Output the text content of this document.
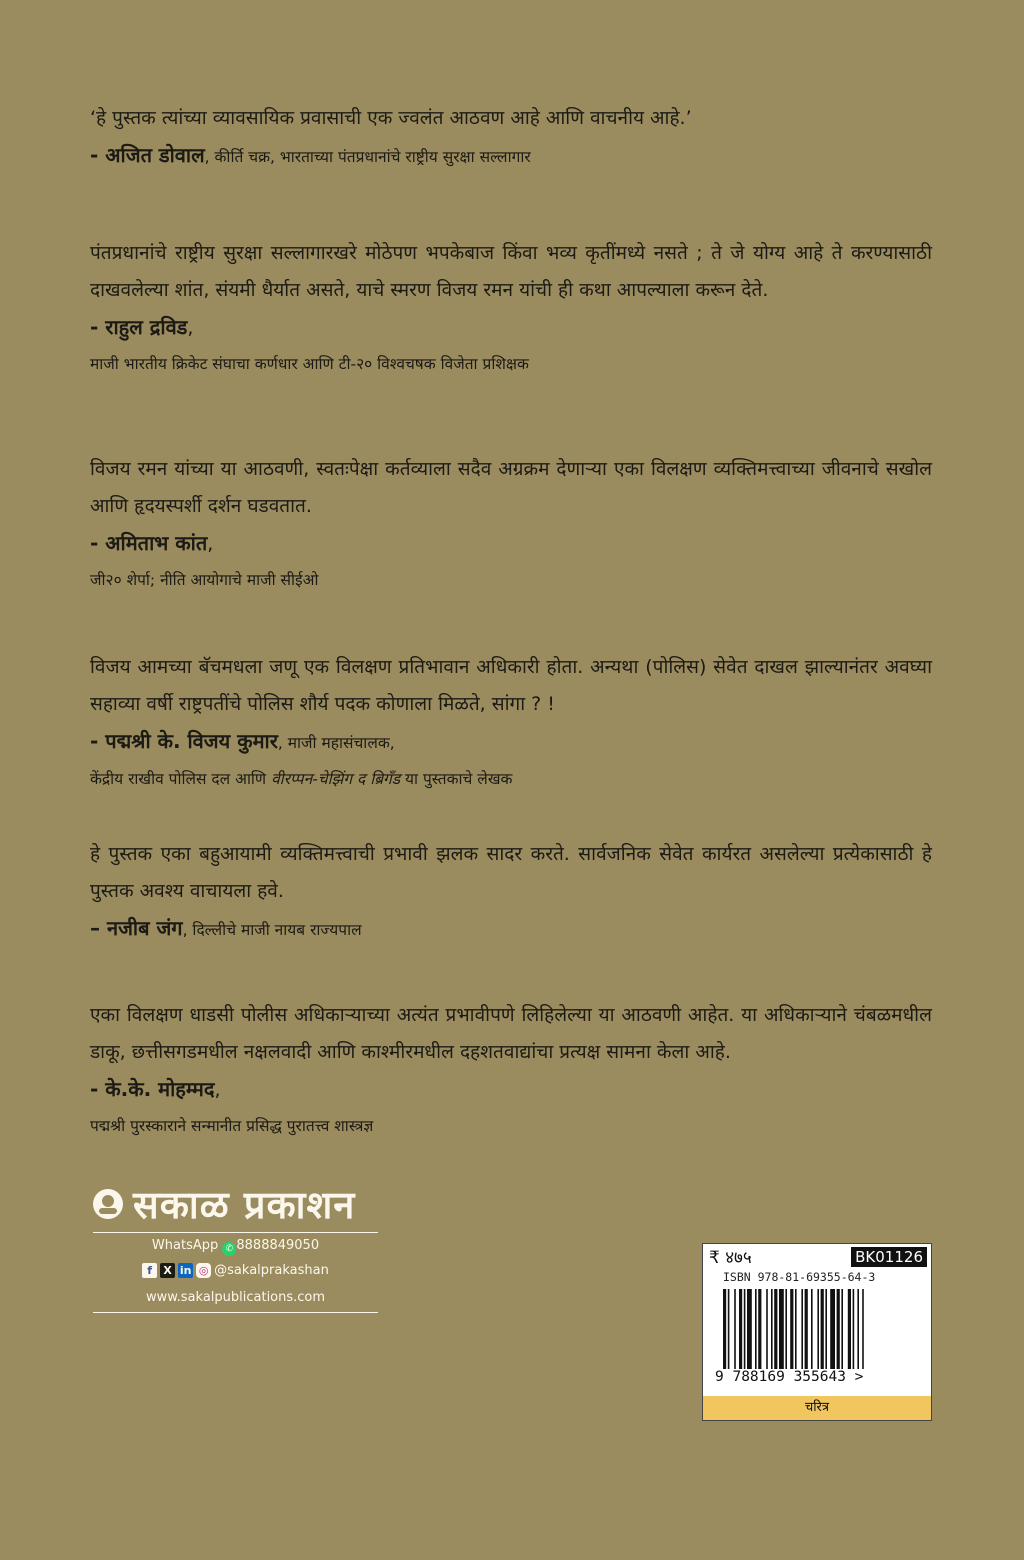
‘हे पुस्तक त्यांच्या व्यावसायिक प्रवासाची एक ज्वलंत आठवण आहे आणि वाचनीय आहे.’

- अजित डोवाल, कीर्ति चक्र, भारताच्या पंतप्रधानांचे राष्ट्रीय सुरक्षा सल्लागार

पंतप्रधानांचे राष्ट्रीय सुरक्षा सल्लागारखरे मोठेपण भपकेबाज किंवा भव्य कृतींमध्ये नसते ; ते जे योग्य आहे ते करण्यासाठी दाखवलेल्या शांत, संयमी धैर्यात असते, याचे स्मरण विजय रमन यांची ही कथा आपल्याला करून देते.

- राहुल द्रविड,

माजी भारतीय क्रिकेट संघाचा कर्णधार आणि टी-२० विश्वचषक विजेता प्रशिक्षक

विजय रमन यांच्या या आठवणी, स्वतःपेक्षा कर्तव्याला सदैव अग्रक्रम देणाऱ्या एका विलक्षण व्यक्तिमत्त्वाच्या जीवनाचे सखोल आणि हृदयस्पर्शी दर्शन घडवतात.

- अमिताभ कांत,

जी२० शेर्पा; नीति आयोगाचे माजी सीईओ

विजय आमच्या बॅचमधला जणू एक विलक्षण प्रतिभावान अधिकारी होता. अन्यथा (पोलिस) सेवेत दाखल झाल्यानंतर अवघ्या सहाव्या वर्षी राष्ट्रपतींचे पोलिस शौर्य पदक कोणाला मिळते, सांगा ? !

- पद्मश्री के. विजय कुमार, माजी महासंचालक,

केंद्रीय राखीव पोलिस दल आणि वीरप्पन-चेझिंग द ब्रिगँड या पुस्तकाचे लेखक

हे पुस्तक एका बहुआयामी व्यक्तिमत्त्वाची प्रभावी झलक सादर करते. सार्वजनिक सेवेत कार्यरत असलेल्या प्रत्येकासाठी हे पुस्तक अवश्य वाचायला हवे.

– नजीब जंग, दिल्लीचे माजी नायब राज्यपाल

एका विलक्षण धाडसी पोलीस अधिकाऱ्याच्या अत्यंत प्रभावीपणे लिहिलेल्या या आठवणी आहेत. या अधिकाऱ्याने चंबळमधील डाकू, छत्तीसगडमधील नक्षलवादी आणि काश्मीरमधील दहशतवाद्यांचा प्रत्यक्ष सामना केला आहे.

- के.के. मोहम्मद,

पद्मश्री पुरस्काराने सन्मानीत प्रसिद्ध पुरातत्त्व शास्त्रज्ञ

सकाळ प्रकाशन
WhatsApp ✆ 8888849050
f	X in ◎ @sakalprakashan
www.sakalpublications.com
₹ ४७५	BK01126
ISBN 978-81-69355-64-3
9 788169 355643 >
चरित्र
